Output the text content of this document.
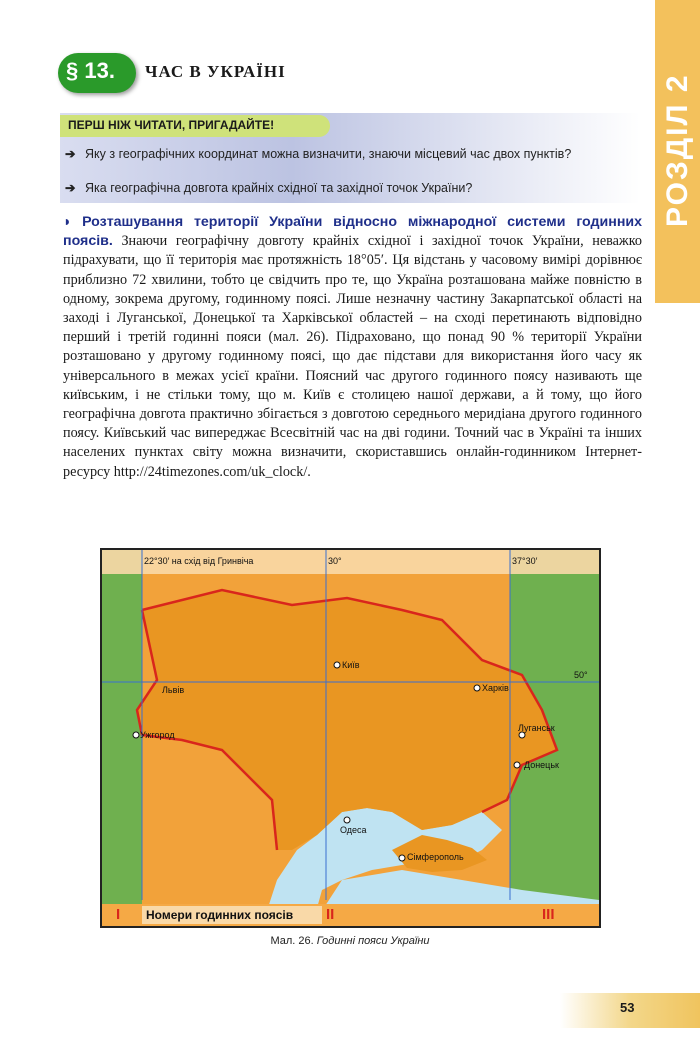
РОЗДІЛ 2
§ 13. ЧАС В УКРАЇНІ
ПЕРШ НІЖ ЧИТАТИ, ПРИГАДАЙТЕ!
➔ Яку з географічних координат можна визначити, знаючи місцевий час двох пунктів?
➔ Яка географічна довгота крайніх східної та західної точок України?
◗ Розташування території України відносно міжнародної системи годинних поясів. Знаючи географічну довготу крайніх східної і західної точок України, неважко підрахувати, що її територія має протяжність 18°05′. Ця відстань у часовому вимірі дорівнює приблизно 72 хвилини, тобто це свідчить про те, що Україна розташована майже повністю в одному, зокрема другому, годинному поясі. Лише незначну частину Закарпатської області на заході і Луганської, Донецької та Харківської областей – на сході перетинають відповідно перший і третій годинні пояси (мал. 26). Підраховано, що понад 90 % території України розташовано у другому годинному поясі, що дає підстави для використання його часу як універсального в межах усієї країни. Поясний час другого годинного поясу називають ще київським, і не стільки тому, що м. Київ є столицею нашої держави, а й тому, що його географічна довгота практично збігається з довготою середнього меридіана другого годинного поясу. Київський час випереджає Всесвітній час на дві години. Точний час в Україні та інших населених пунктах світу можна визначити, скориставшись онлайн-годинником Інтернет-ресурсу http://24timezones.com/uk_clock/.
22°30′ на схід від Гринвіча	30°	37°30′
50°
Київ
Львів
Ужгород
Харків
Луганськ
Донецьк
Одеса
Сімферополь
Номери годинних поясів
I	II	III
Мал. 26. Годинні пояси України
53
